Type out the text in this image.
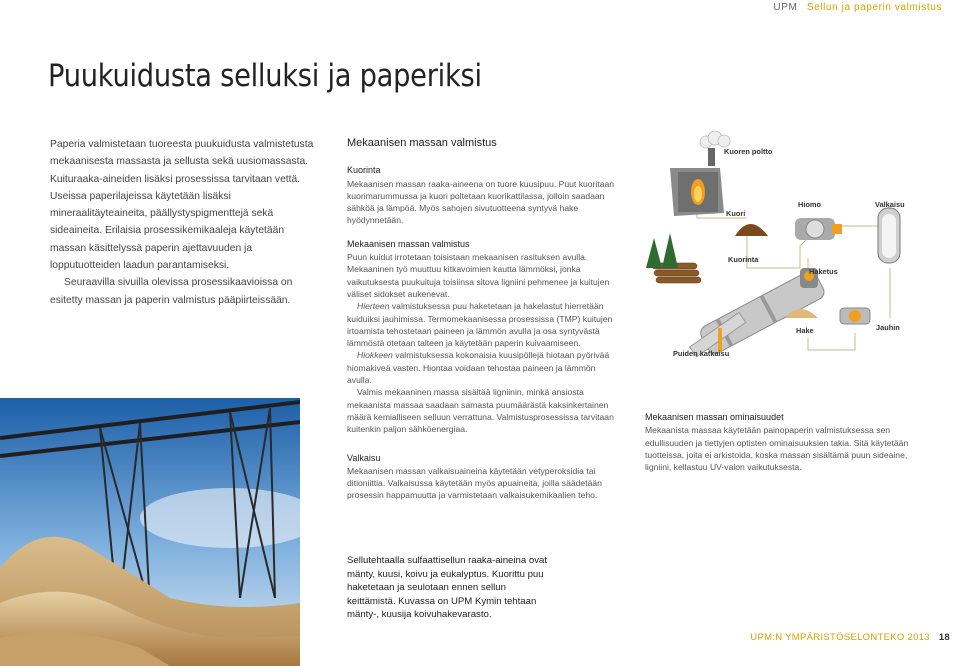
UPM Sellun ja paperin valmistus
Puukuidusta selluksi ja paperiksi

Paperia valmistetaan tuoreesta puukuidusta valmistetusta mekaanisesta massasta ja sellusta sekä uusiomassasta. Kuituraaka-aineiden lisäksi prosessissa tarvitaan vettä. Useissa paperilajeissa käytetään lisäksi mineraalitäyteaineita, päällystyspigmenttejä sekä sideaineita. Erilaisia prosessikemikaaleja käytetään massan käsittelyssä paperin ajettavuuden ja lopputuotteiden laadun parantamiseksi.

Seuraavilla sivuilla olevissa prosessikaavioissa on esitetty massan ja paperin valmistus pääpiirteissään.

Mekaanisen massan valmistus
Kuorinta

Mekaanisen massan raaka-aineena on tuore kuusipuu. Puut kuoritaan kuorimarummussa ja kuori poltetaan kuorikattilassa, jolloin saadaan sähköä ja lämpöä. Myös sahojen sivutuotteena syntyvä hake hyödynnetään.

Mekaanisen massan valmistus

Puun kuidut irrotetaan toisistaan mekaanisen rasituksen avulla. Mekaaninen työ muuttuu kitkavoimien kautta lämmöksi, jonka vaikutuksesta puukuituja toisiinsa sitova ligniini pehmenee ja kuitujen väliset sidokset aukenevat.

Hierteen valmistuksessa puu haketetaan ja hakelastut hierretään kuiduiksi jauhimissa. Termomekaanisessa prosessissa (TMP) kuitujen irtoamista tehostetaan paineen ja lämmön avulla ja osa syntyvästä lämmöstä otetaan talteen ja käytetään paperin kuivaamiseen.

Hiokkeen valmistuksessa kokonaisia kuusipöllejä hiotaan pyörivää hiomakiveä vasten. Hiontaa voidaan tehostaa paineen ja lämmön avulla.

Valmis mekaaninen massa sisältää ligniinin, minkä ansiosta mekaanista massaa saadaan samasta puumäärästä kaksinkertainen määrä kemialliseen selluun verrattuna. Valmistusprosessissa tarvitaan kuitenkin paljon sähköenergiaa.

Valkaisu

Mekaanisen massan valkaisuaineina käytetään vetyperoksidia tai ditioniittia. Valkaisussa käytetään myös apuaineita, joilla säädetään prosessin happamuutta ja varmistetaan valkaisukemikaalien teho.

Sellutehtaalla sulfaattisellun raaka-aineina ovat mänty, kuusi, koivu ja eukalyptus. Kuorittu puu haketetaan ja seulotaan ennen sellun keittämistä. Kuvassa on UPM Kymin tehtaan mänty-, kuusija koivuhakevarasto.

Kuoren poltto
Kuori
Hiomo	Valkaisu
Kuorinta
Haketus
Hake	Jauhin
Puiden katkaisu
Mekaanisen massan ominaisuudet

Mekaanista massaa käytetään painopaperin valmistuksessa sen edullisuuden ja tiettyjen optisten ominaisuuksien takia. Sitä käytetään tuotteissa, joita ei arkistoida, koska massan sisältämä puun sideaine, ligniini, kellastuu UV-valon vaikutuksesta.

UPM:N YMPÄRISTÖSELONTEKO 2013 18
